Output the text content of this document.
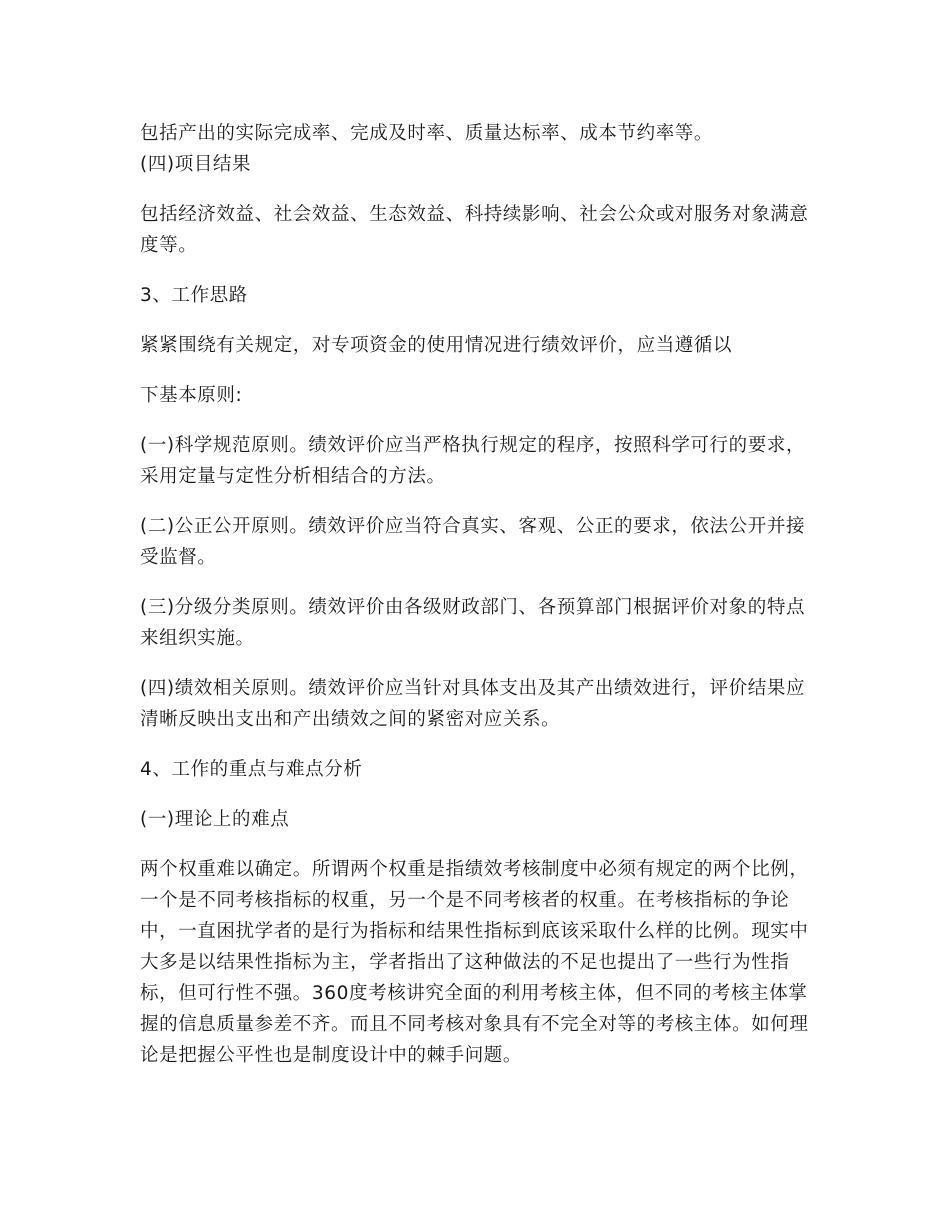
包括产出的实际完成率、完成及时率、质量达标率、成本节约率等。

(四)项目结果

包括经济效益、社会效益、生态效益、科持续影响、社会公众或对服务对象满意度等。

3、工作思路

紧紧围绕有关规定，对专项资金的使用情况进行绩效评价，应当遵循以

下基本原则:

(一)科学规范原则。绩效评价应当严格执行规定的程序，按照科学可行的要求，采用定量与定性分析相结合的方法。

(二)公正公开原则。绩效评价应当符合真实、客观、公正的要求，依法公开并接受监督。

(三)分级分类原则。绩效评价由各级财政部门、各预算部门根据评价对象的特点来组织实施。

(四)绩效相关原则。绩效评价应当针对具体支出及其产出绩效进行，评价结果应清晰反映出支出和产出绩效之间的紧密对应关系。

4、工作的重点与难点分析

(一)理论上的难点

两个权重难以确定。所谓两个权重是指绩效考核制度中必须有规定的两个比例，一个是不同考核指标的权重，另一个是不同考核者的权重。在考核指标的争论中，一直困扰学者的是行为指标和结果性指标到底该采取什么样的比例。现实中大多是以结果性指标为主，学者指出了这种做法的不足也提出了一些行为性指标，但可行性不强。360度考核讲究全面的利用考核主体，但不同的考核主体掌握的信息质量参差不齐。而且不同考核对象具有不完全对等的考核主体。如何理论是把握公平性也是制度设计中的棘手问题。
